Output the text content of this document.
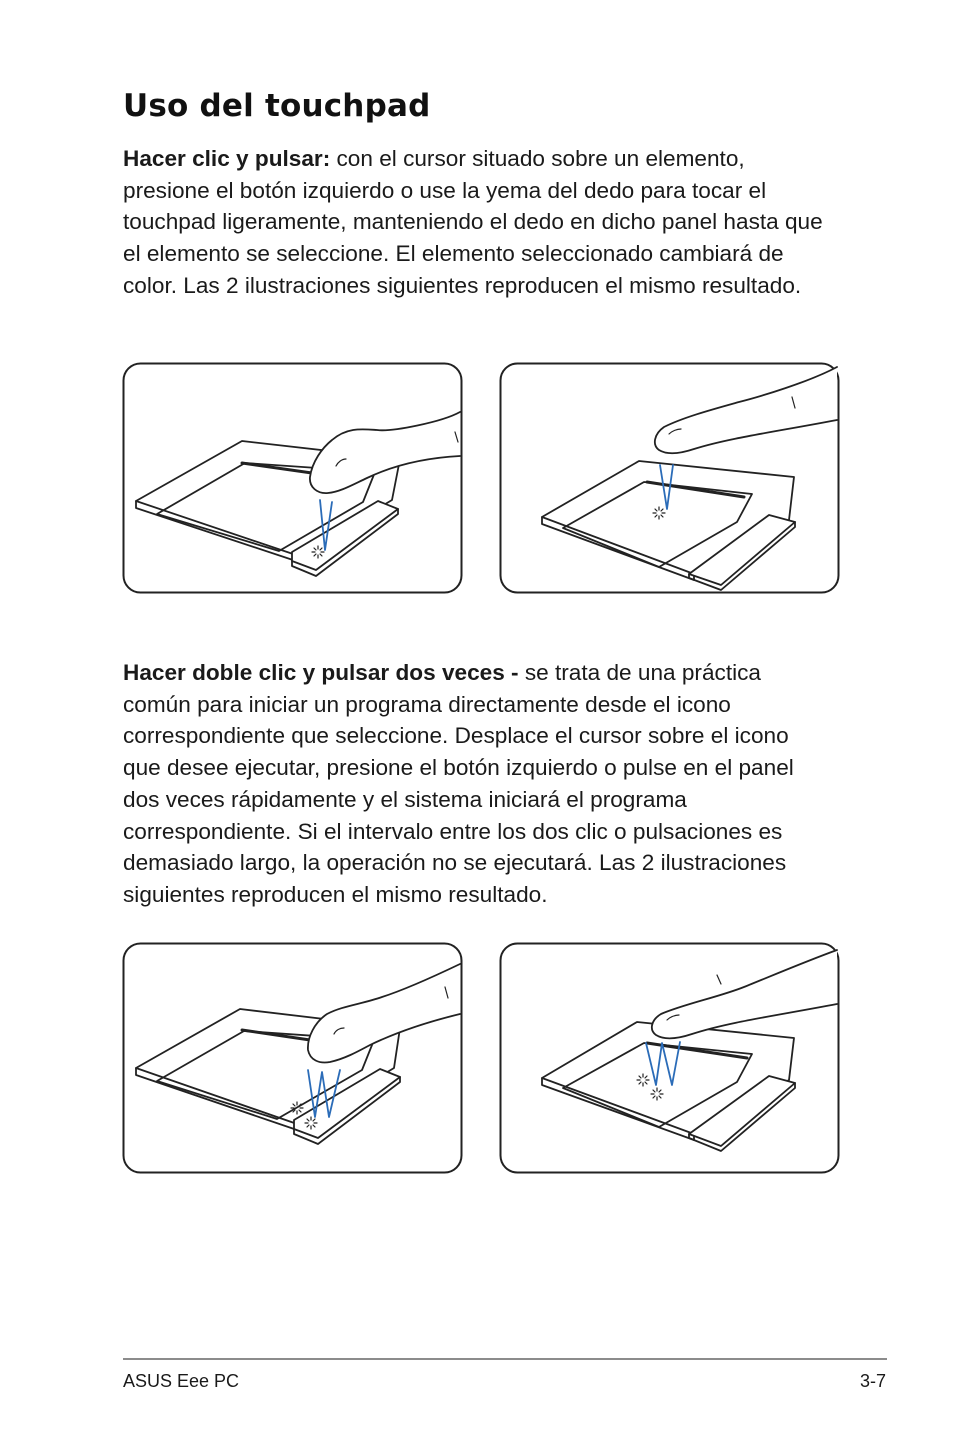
Uso del touchpad

Hacer clic y pulsar: con el cursor situado sobre un elemento, presione el botón izquierdo o use la yema del dedo para tocar el touchpad ligeramente, manteniendo el dedo en dicho panel hasta que el elemento se seleccione. El elemento seleccionado cambiará de color. Las 2 ilustraciones siguientes reproducen el mismo resultado.

Hacer doble clic y pulsar dos veces - se trata de una práctica común para iniciar un programa directamente desde el icono correspondiente que seleccione. Desplace el cursor sobre el icono que desee ejecutar, presione el botón izquierdo o pulse en el panel dos veces rápidamente y el sistema iniciará el programa correspondiente. Si el intervalo entre los dos clic o pulsaciones es demasiado largo, la operación no se ejecutará. Las 2 ilustraciones siguientes reproducen el mismo resultado.

ASUS Eee PC	3-7
